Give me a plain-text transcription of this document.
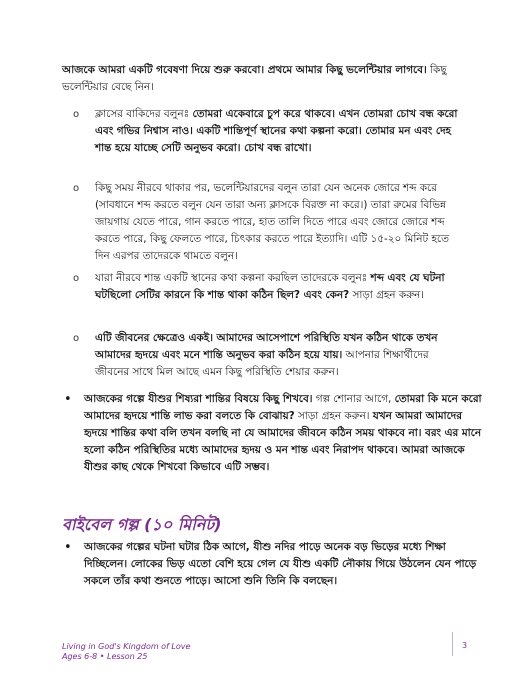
আজকে আমরা একটি গবেষণা দিয়ে শুরু করবো। প্রথমে আমার কিছু ভলেন্টিয়ার লাগবে। কিছু ভলেন্টিয়ার বেছে নিন।

o ক্লাসের বাকিদের বলুনঃ তোমরা একেবারে চুপ করে থাকবে। এখন তোমরা চোখ বন্ধ করো এবং গভির নিশ্বাস নাও। একটি শান্তিপূর্ণ স্থানের কথা কল্পনা করো। তোমার মন এবং দেহ শান্ত হয়ে যাচ্ছে সেটি অনুভব করো। চোখ বন্ধ রাখো।

o কিছু সময় নীরবে থাকার পর, ভলেন্টিয়ারদের বলুন তারা যেন অনেক জোরে শব্দ করে (সাবধানে শব্দ করতে বলুন যেন তারা অন্য ক্লাসকে বিরক্ত না করে।) তারা রুমের বিভিন্ন জায়গায় যেতে পারে, গান করতে পারে, হাত তালি দিতে পারে এবং জোরে জোরে শব্দ করতে পারে, কিছু ফেলতে পারে, চিৎকার করতে পারে ইত্যাদি। এটি ১৫-২০ মিনিট হতে দিন এরপর তাদেরকে থামতে বলুন।

o যারা নীরবে শান্ত একটি স্থানের কথা কল্পনা করছিল তাদেরকে বলুনঃ শব্দ এবং যে ঘটনা ঘটছিলো সেটির কারনে কি শান্ত থাকা কঠিন ছিল? এবং কেন? সাড়া গ্রহন করুন।

o এটি জীবনের ক্ষেত্রেও একই। আমাদের আসেপাশে পরিস্থিতি যখন কঠিন থাকে তখন আমাদের হৃদয়ে এবং মনে শান্তি অনুভব করা কঠিন হয়ে যায়। আপনার শিক্ষার্থীদের জীবনের সাথে মিল আছে এমন কিছু পরিস্থিতি শেয়ার করুন।

• আজকের গল্পে যীশুর শিষ্যরা শান্তির বিষয়ে কিছু শিখবে। গল্প শোনার আগে, তোমরা কি মনে করো আমাদের হৃদয়ে শান্তি লাভ করা বলতে কি বোঝায়? সাড়া গ্রহন করুন। যখন আমরা আমাদের হৃদয়ে শান্তির কথা বলি তখন বলছি না যে আমাদের জীবনে কঠিন সময় থাকবে না। বরং এর মানে হলো কঠিন পরিস্থিতির মধ্যে আমাদের হৃদয় ও মন শান্ত এবং নিরাপদ থাকবে। আমরা আজকে যীশুর কাছ থেকে শিখবো কিভাবে এটি সম্ভব।

বাইবেল গল্প (১০ মিনিট)
• আজকের গল্পের ঘটনা ঘটার ঠিক আগে, যীশু নদির পাড়ে অনেক বড় ভিড়ের মধ্যে শিক্ষা দিচ্ছিলেন। লোকের ভিড় এতো বেশি হয়ে গেল যে যীশু একটি নৌকায় গিয়ে উঠলেন যেন পাড়ে সকলে তাঁর কথা শুনতে পাড়ে। আসো শুনি তিনি কি বলছেন।

Living in God's Kingdom of Love
Ages 6-8 • Lesson 25
3
